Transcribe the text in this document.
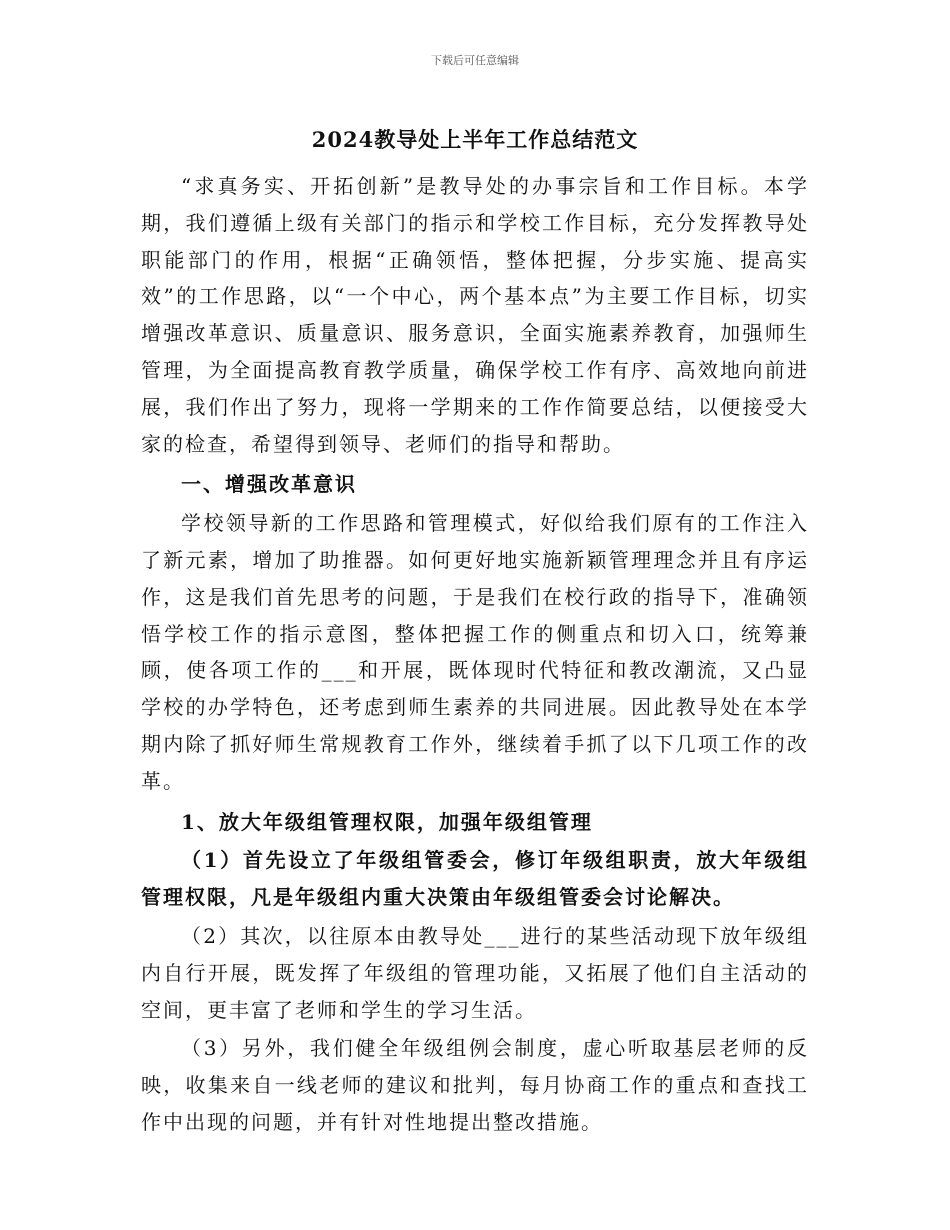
下载后可任意编辑
2024教导处上半年工作总结范文

“求真务实、开拓创新”是教导处的办事宗旨和工作目标。本学期，我们遵循上级有关部门的指示和学校工作目标，充分发挥教导处职能部门的作用，根据“正确领悟，整体把握，分步实施、提高实效”的工作思路，以“一个中心，两个基本点”为主要工作目标，切实增强改革意识、质量意识、服务意识，全面实施素养教育，加强师生管理，为全面提高教育教学质量，确保学校工作有序、高效地向前进展，我们作出了努力，现将一学期来的工作作简要总结，以便接受大家的检查，希望得到领导、老师们的指导和帮助。

一、增强改革意识

学校领导新的工作思路和管理模式，好似给我们原有的工作注入了新元素，增加了助推器。如何更好地实施新颖管理理念并且有序运作，这是我们首先思考的问题，于是我们在校行政的指导下，准确领悟学校工作的指示意图，整体把握工作的侧重点和切入口，统筹兼顾，使各项工作的___和开展，既体现时代特征和教改潮流，又凸显学校的办学特色，还考虑到师生素养的共同进展。因此教导处在本学期内除了抓好师生常规教育工作外，继续着手抓了以下几项工作的改革。

1、放大年级组管理权限，加强年级组管理

（1）首先设立了年级组管委会，修订年级组职责，放大年级组管理权限，凡是年级组内重大决策由年级组管委会讨论解决。

（2）其次，以往原本由教导处___进行的某些活动现下放年级组内自行开展，既发挥了年级组的管理功能，又拓展了他们自主活动的空间，更丰富了老师和学生的学习生活。

（3）另外，我们健全年级组例会制度，虚心听取基层老师的反映，收集来自一线老师的建议和批判，每月协商工作的重点和查找工作中出现的问题，并有针对性地提出整改措施。
